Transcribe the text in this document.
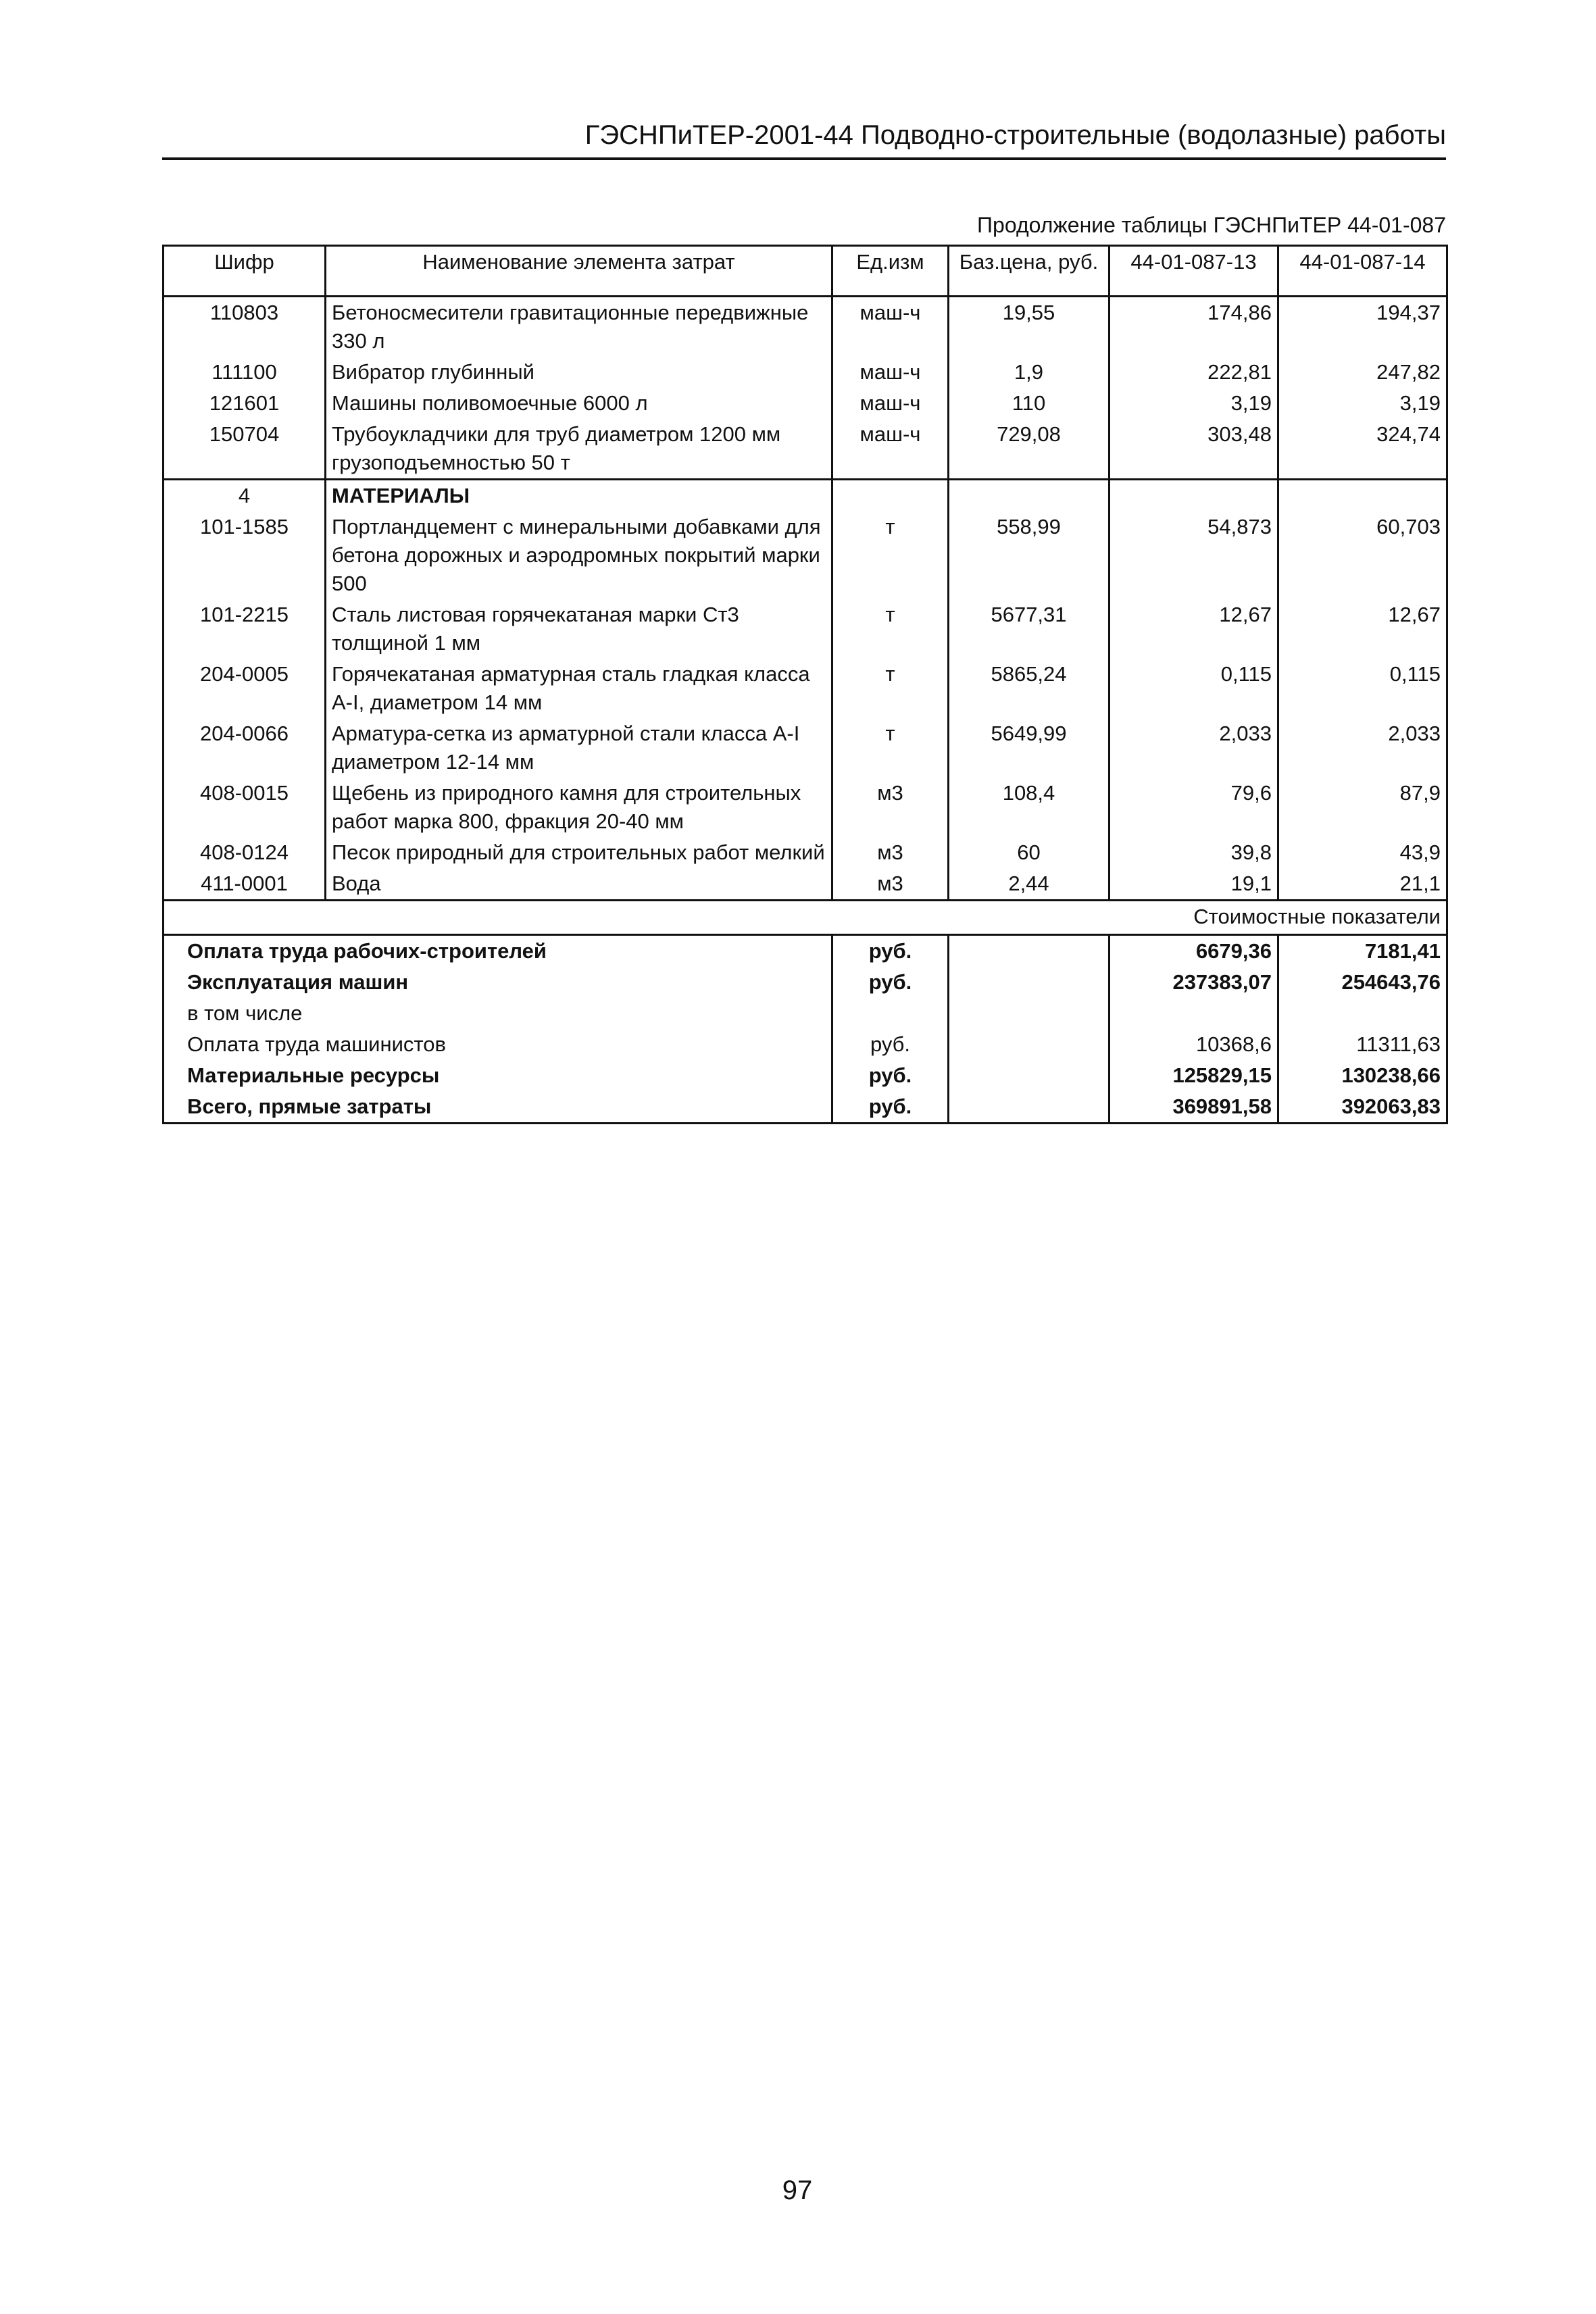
ГЭСНПиТЕР-2001-44 Подводно-строительные (водолазные) работы
Продолжение таблицы ГЭСНПиТЕР 44-01-087
Шифр	Наименование элемента затрат	Ед.изм	Баз.цена, руб.	44-01-087-13	44-01-087-14
110803	Бетоносмесители гравитационные передвижные 330 л	маш-ч	19,55	174,86	194,37
111100	Вибратор глубинный	маш-ч	1,9	222,81	247,82
121601	Машины поливомоечные 6000 л	маш-ч	110	3,19	3,19
150704	Трубоукладчики для труб диаметром 1200 мм грузоподъемностью 50 т	маш-ч	729,08	303,48	324,74
4	МАТЕРИАЛЫ				
101-1585	Портландцемент с минеральными добавками для бетона дорожных и аэродромных покрытий марки 500	т	558,99	54,873	60,703
101-2215	Сталь листовая горячекатаная марки Ст3 толщиной 1 мм	т	5677,31	12,67	12,67
204-0005	Горячекатаная арматурная сталь гладкая класса А-I, диаметром 14 мм	т	5865,24	0,115	0,115
204-0066	Арматура-сетка из арматурной стали класса А-I диаметром 12-14 мм	т	5649,99	2,033	2,033
408-0015	Щебень из природного камня для строительных работ марка 800, фракция 20-40 мм	м3	108,4	79,6	87,9
408-0124	Песок природный для строительных работ мелкий	м3	60	39,8	43,9
411-0001	Вода	м3	2,44	19,1	21,1
Стоимостные показатели					
Оплата труда рабочих-строителей		руб.		6679,36	7181,41
Эксплуатация машин		руб.		237383,07	254643,76
в том числе					
Оплата труда машинистов		руб.		10368,6	11311,63
Материальные ресурсы		руб.		125829,15	130238,66
Всего, прямые затраты		руб.		369891,58	392063,83
97
